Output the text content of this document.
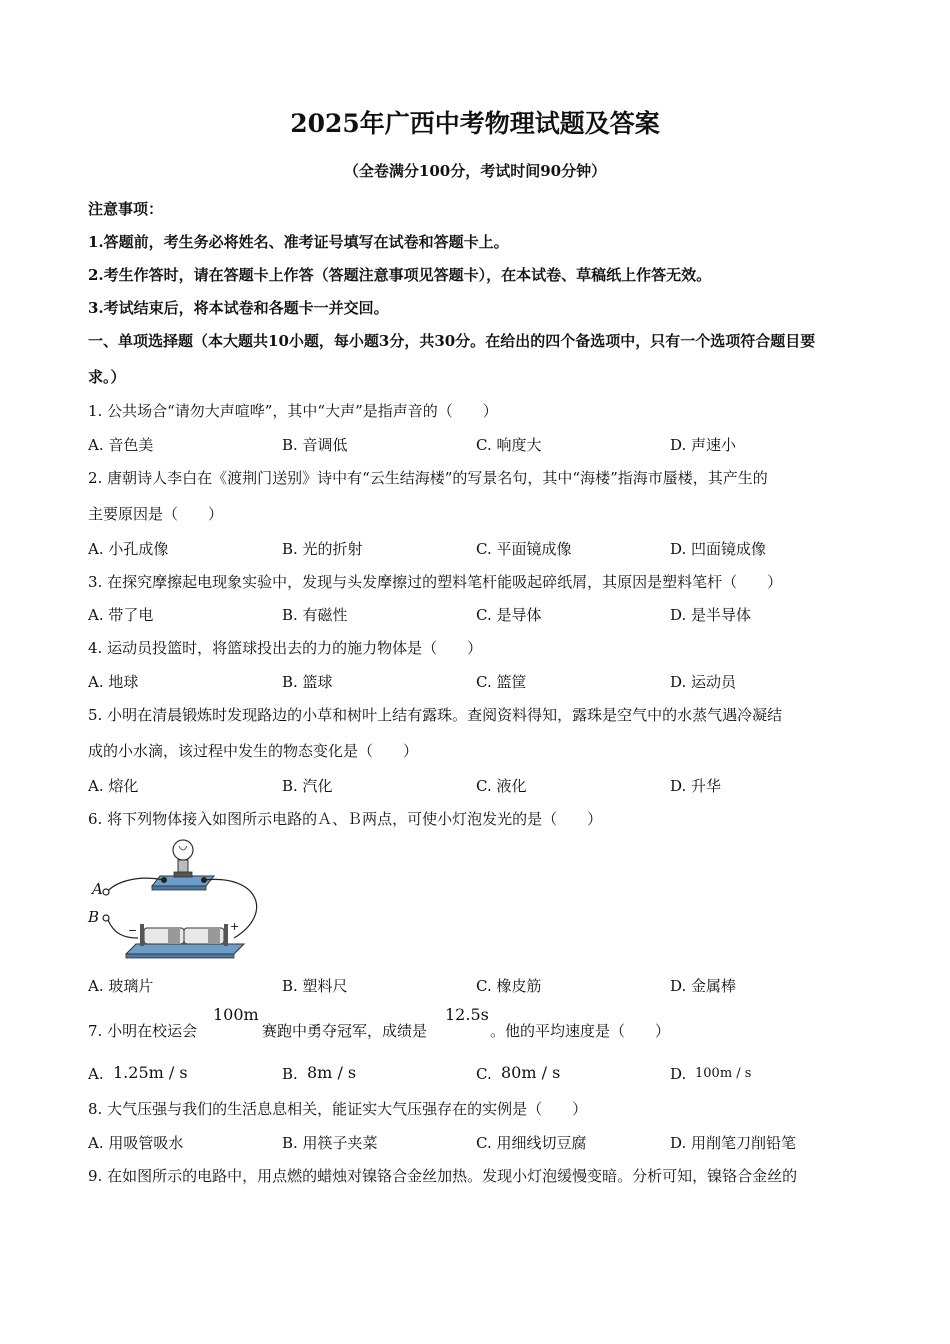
2025年广西中考物理试题及答案
（全卷满分100分，考试时间90分钟）
注意事项：
1.答题前，考生务必将姓名、准考证号填写在试卷和答题卡上。
2.考生作答时，请在答题卡上作答（答题注意事项见答题卡），在本试卷、草稿纸上作答无效。
3.考试结束后，将本试卷和各题卡一并交回。
一、单项选择题（本大题共10小题，每小题3分，共30分。在给出的四个备选项中，只有一个选项符合题目要
求。）
1. 公共场合“请勿大声喧哗”，其中“大声”是指声音的（　　）
A. 音色美	B. 音调低	C. 响度大	D. 声速小
2. 唐朝诗人李白在《渡荆门送别》诗中有“云生结海楼”的写景名句，其中“海楼”指海市蜃楼，其产生的
主要原因是（　　）
A. 小孔成像	B. 光的折射	C. 平面镜成像	D. 凹面镜成像
3. 在探究摩擦起电现象实验中，发现与头发摩擦过的塑料笔杆能吸起碎纸屑，其原因是塑料笔杆（　　）
A. 带了电	B. 有磁性	C. 是导体	D. 是半导体
4. 运动员投篮时，将篮球投出去的力的施力物体是（　　）
A. 地球	B. 篮球	C. 篮筐	D. 运动员
5. 小明在清晨锻炼时发现路边的小草和树叶上结有露珠。查阅资料得知，露珠是空气中的水蒸气遇冷凝结
成的小水滴，该过程中发生的物态变化是（　　）
A. 熔化	B. 汽化	C. 液化	D. 升华
6. 将下列物体接入如图所示电路的Ａ、Ｂ两点，可使小灯泡发光的是（　　）
A
B
−	+
A. 玻璃片	B. 塑料尺	C. 橡皮筋	D. 金属棒
7. 小明在校运会
100m
赛跑中勇夺冠军，成绩是
12.5s
。他的平均速度是（　　）
A. 1.25m / s	B. 8m / s	C. 80m / s	D. 100m / s
8. 大气压强与我们的生活息息相关，能证实大气压强存在的实例是（　　）
A. 用吸管吸水	B. 用筷子夹菜	C. 用细线切豆腐	D. 用削笔刀削铅笔
9. 在如图所示的电路中，用点燃的蜡烛对镍铬合金丝加热。发现小灯泡缓慢变暗。分析可知，镍铬合金丝的
